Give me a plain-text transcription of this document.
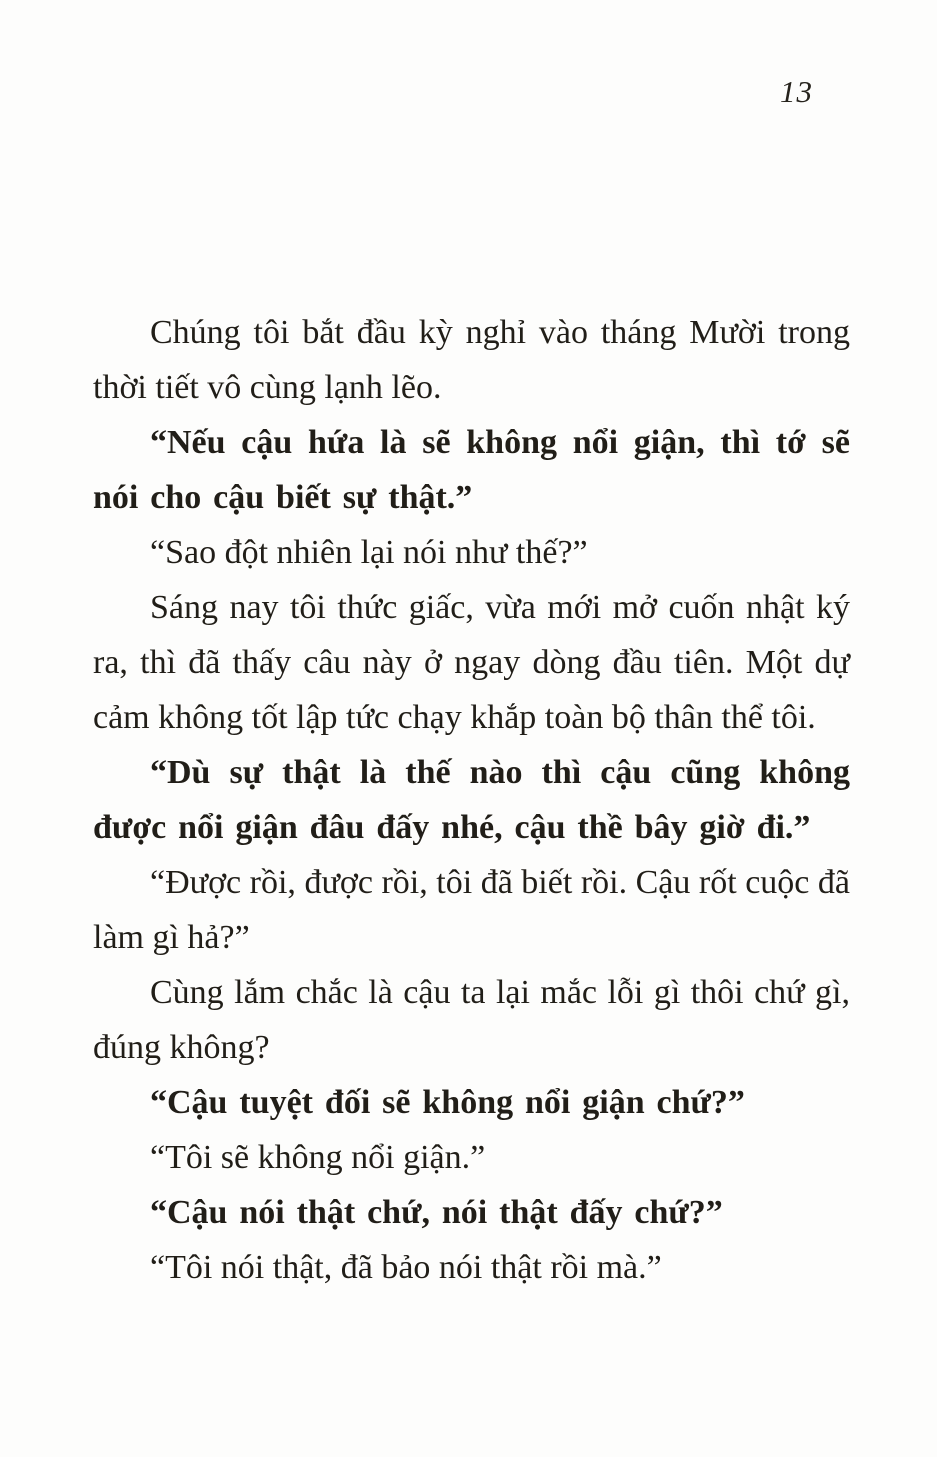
13

Chúng tôi bắt đầu kỳ nghỉ vào tháng Mười trong thời tiết vô cùng lạnh lẽo.

“Nếu cậu hứa là sẽ không nổi giận, thì tớ sẽ nói cho cậu biết sự thật.”

“Sao đột nhiên lại nói như thế?”

Sáng nay tôi thức giấc, vừa mới mở cuốn nhật ký ra, thì đã thấy câu này ở ngay dòng đầu tiên. Một dự cảm không tốt lập tức chạy khắp toàn bộ thân thể tôi.

“Dù sự thật là thế nào thì cậu cũng không được nổi giận đâu đấy nhé, cậu thề bây giờ đi.”

“Được rồi, được rồi, tôi đã biết rồi. Cậu rốt cuộc đã làm gì hả?”

Cùng lắm chắc là cậu ta lại mắc lỗi gì thôi chứ gì, đúng không?

“Cậu tuyệt đối sẽ không nổi giận chứ?”

“Tôi sẽ không nổi giận.”

“Cậu nói thật chứ, nói thật đấy chứ?”

“Tôi nói thật, đã bảo nói thật rồi mà.”
